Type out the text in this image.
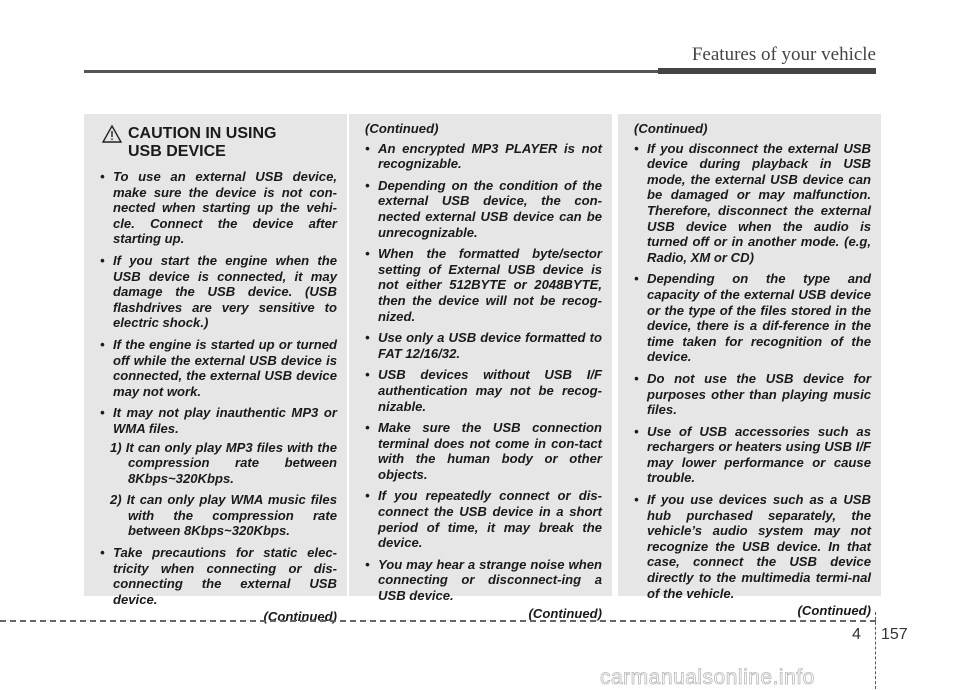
Features of your vehicle
CAUTION IN USING
USB DEVICE
• To use an external USB device, make sure the device is not con-nected when starting up the vehi-cle. Connect the device after starting up.
• If you start the engine when the USB device is connected, it may damage the USB device. (USB flashdrives are very sensitive to electric shock.)
• If the engine is started up or turned off while the external USB device is connected, the external USB device may not work.
• It may not play inauthentic MP3 or WMA files.
1) It can only play MP3 files with the compression rate between 8Kbps~320Kbps.
2) It can only play WMA music files with the compression rate between 8Kbps~320Kbps.
• Take precautions for static elec-tricity when connecting or dis-connecting the external USB device.
(Continued)
(Continued)
• An encrypted MP3 PLAYER is not recognizable.
• Depending on the condition of the external USB device, the con-nected external USB device can be unrecognizable.
• When the formatted byte/sector setting of External USB device is not either 512BYTE or 2048BYTE, then the device will not be recog-nized.
• Use only a USB device formatted to FAT 12/16/32.
• USB devices without USB I/F authentication may not be recog-nizable.
• Make sure the USB connection terminal does not come in con-tact with the human body or other objects.
• If you repeatedly connect or dis-connect the USB device in a short period of time, it may break the device.
• You may hear a strange noise when connecting or disconnect-ing a USB device.
(Continued)
(Continued)
• If you disconnect the external USB device during playback in USB mode, the external USB device can be damaged or may malfunction. Therefore, disconnect the external USB device when the audio is turned off or in another mode. (e.g, Radio, XM or CD)
• Depending on the type and capacity of the external USB device or the type of the files stored in the device, there is a dif-ference in the time taken for recognition of the device.
• Do not use the USB device for purposes other than playing music files.
• Use of USB accessories such as rechargers or heaters using USB I/F may lower performance or cause trouble.
• If you use devices such as a USB hub purchased separately, the vehicle’s audio system may not recognize the USB device. In that case, connect the USB device directly to the multimedia termi-nal of the vehicle.
(Continued)
4 157
carmanualsonline.info
